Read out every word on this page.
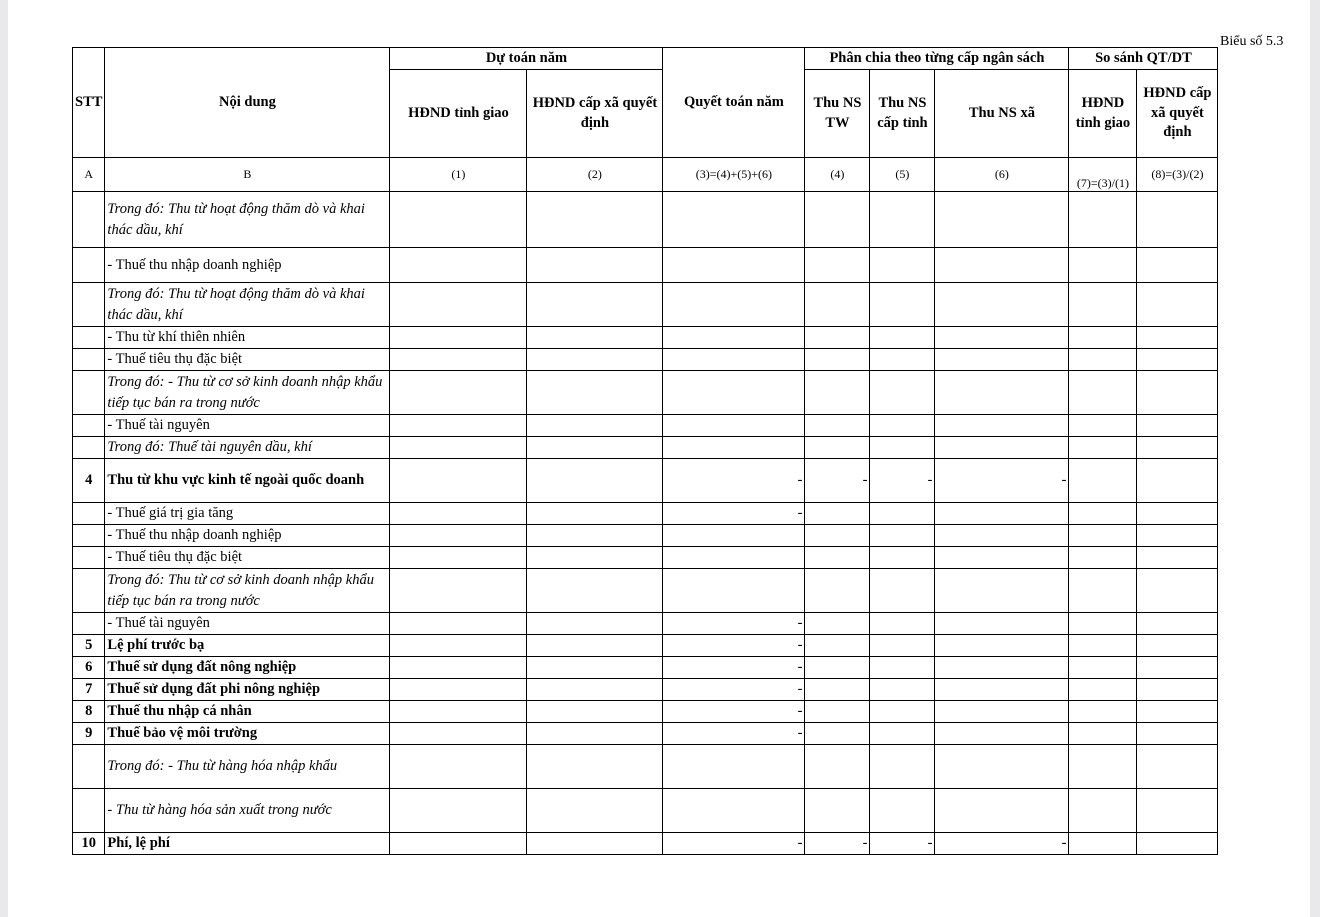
Biểu số 5.3
STT	Nội dung	Dự toán năm		Quyết toán năm	Phân chia theo từng cấp ngân sách			So sánh QT/DT	
		HĐND tỉnh giao	HĐND cấp xã quyết định		Thu NS TW	Thu NS cấp tỉnh	Thu NS xã	HĐND tỉnh giao	HĐND cấp xã quyết định
A	B	(1)	(2)	(3)=(4)+(5)+(6)	(4)	(5)	(6)	(7)=(3)/(1)	(8)=(3)/(2)
	Trong đó: Thu từ hoạt động thăm dò và khai thác dầu, khí								
	- Thuế thu nhập doanh nghiệp								
	Trong đó: Thu từ hoạt động thăm dò và khai thác dầu, khí								
	- Thu từ khí thiên nhiên								
	- Thuế tiêu thụ đặc biệt								
	Trong đó: - Thu từ cơ sở kinh doanh nhập khẩu tiếp tục bán ra trong nước								
	- Thuế tài nguyên								
	Trong đó: Thuế tài nguyên dầu, khí								
4	Thu từ khu vực kinh tế ngoài quốc doanh			-	-	-	-		
	- Thuế giá trị gia tăng			-					
	- Thuế thu nhập doanh nghiệp								
	- Thuế tiêu thụ đặc biệt								
	Trong đó: Thu từ cơ sở kinh doanh nhập khẩu tiếp tục bán ra trong nước								
	- Thuế tài nguyên			-					
5	Lệ phí trước bạ			-					
6	Thuế sử dụng đất nông nghiệp			-					
7	Thuế sử dụng đất phi nông nghiệp			-					
8	Thuế thu nhập cá nhân			-					
9	Thuế bảo vệ môi trường			-					
	Trong đó: - Thu từ hàng hóa nhập khẩu								
	- Thu từ hàng hóa sản xuất trong nước								
10	Phí, lệ phí			-	-	-	-		
